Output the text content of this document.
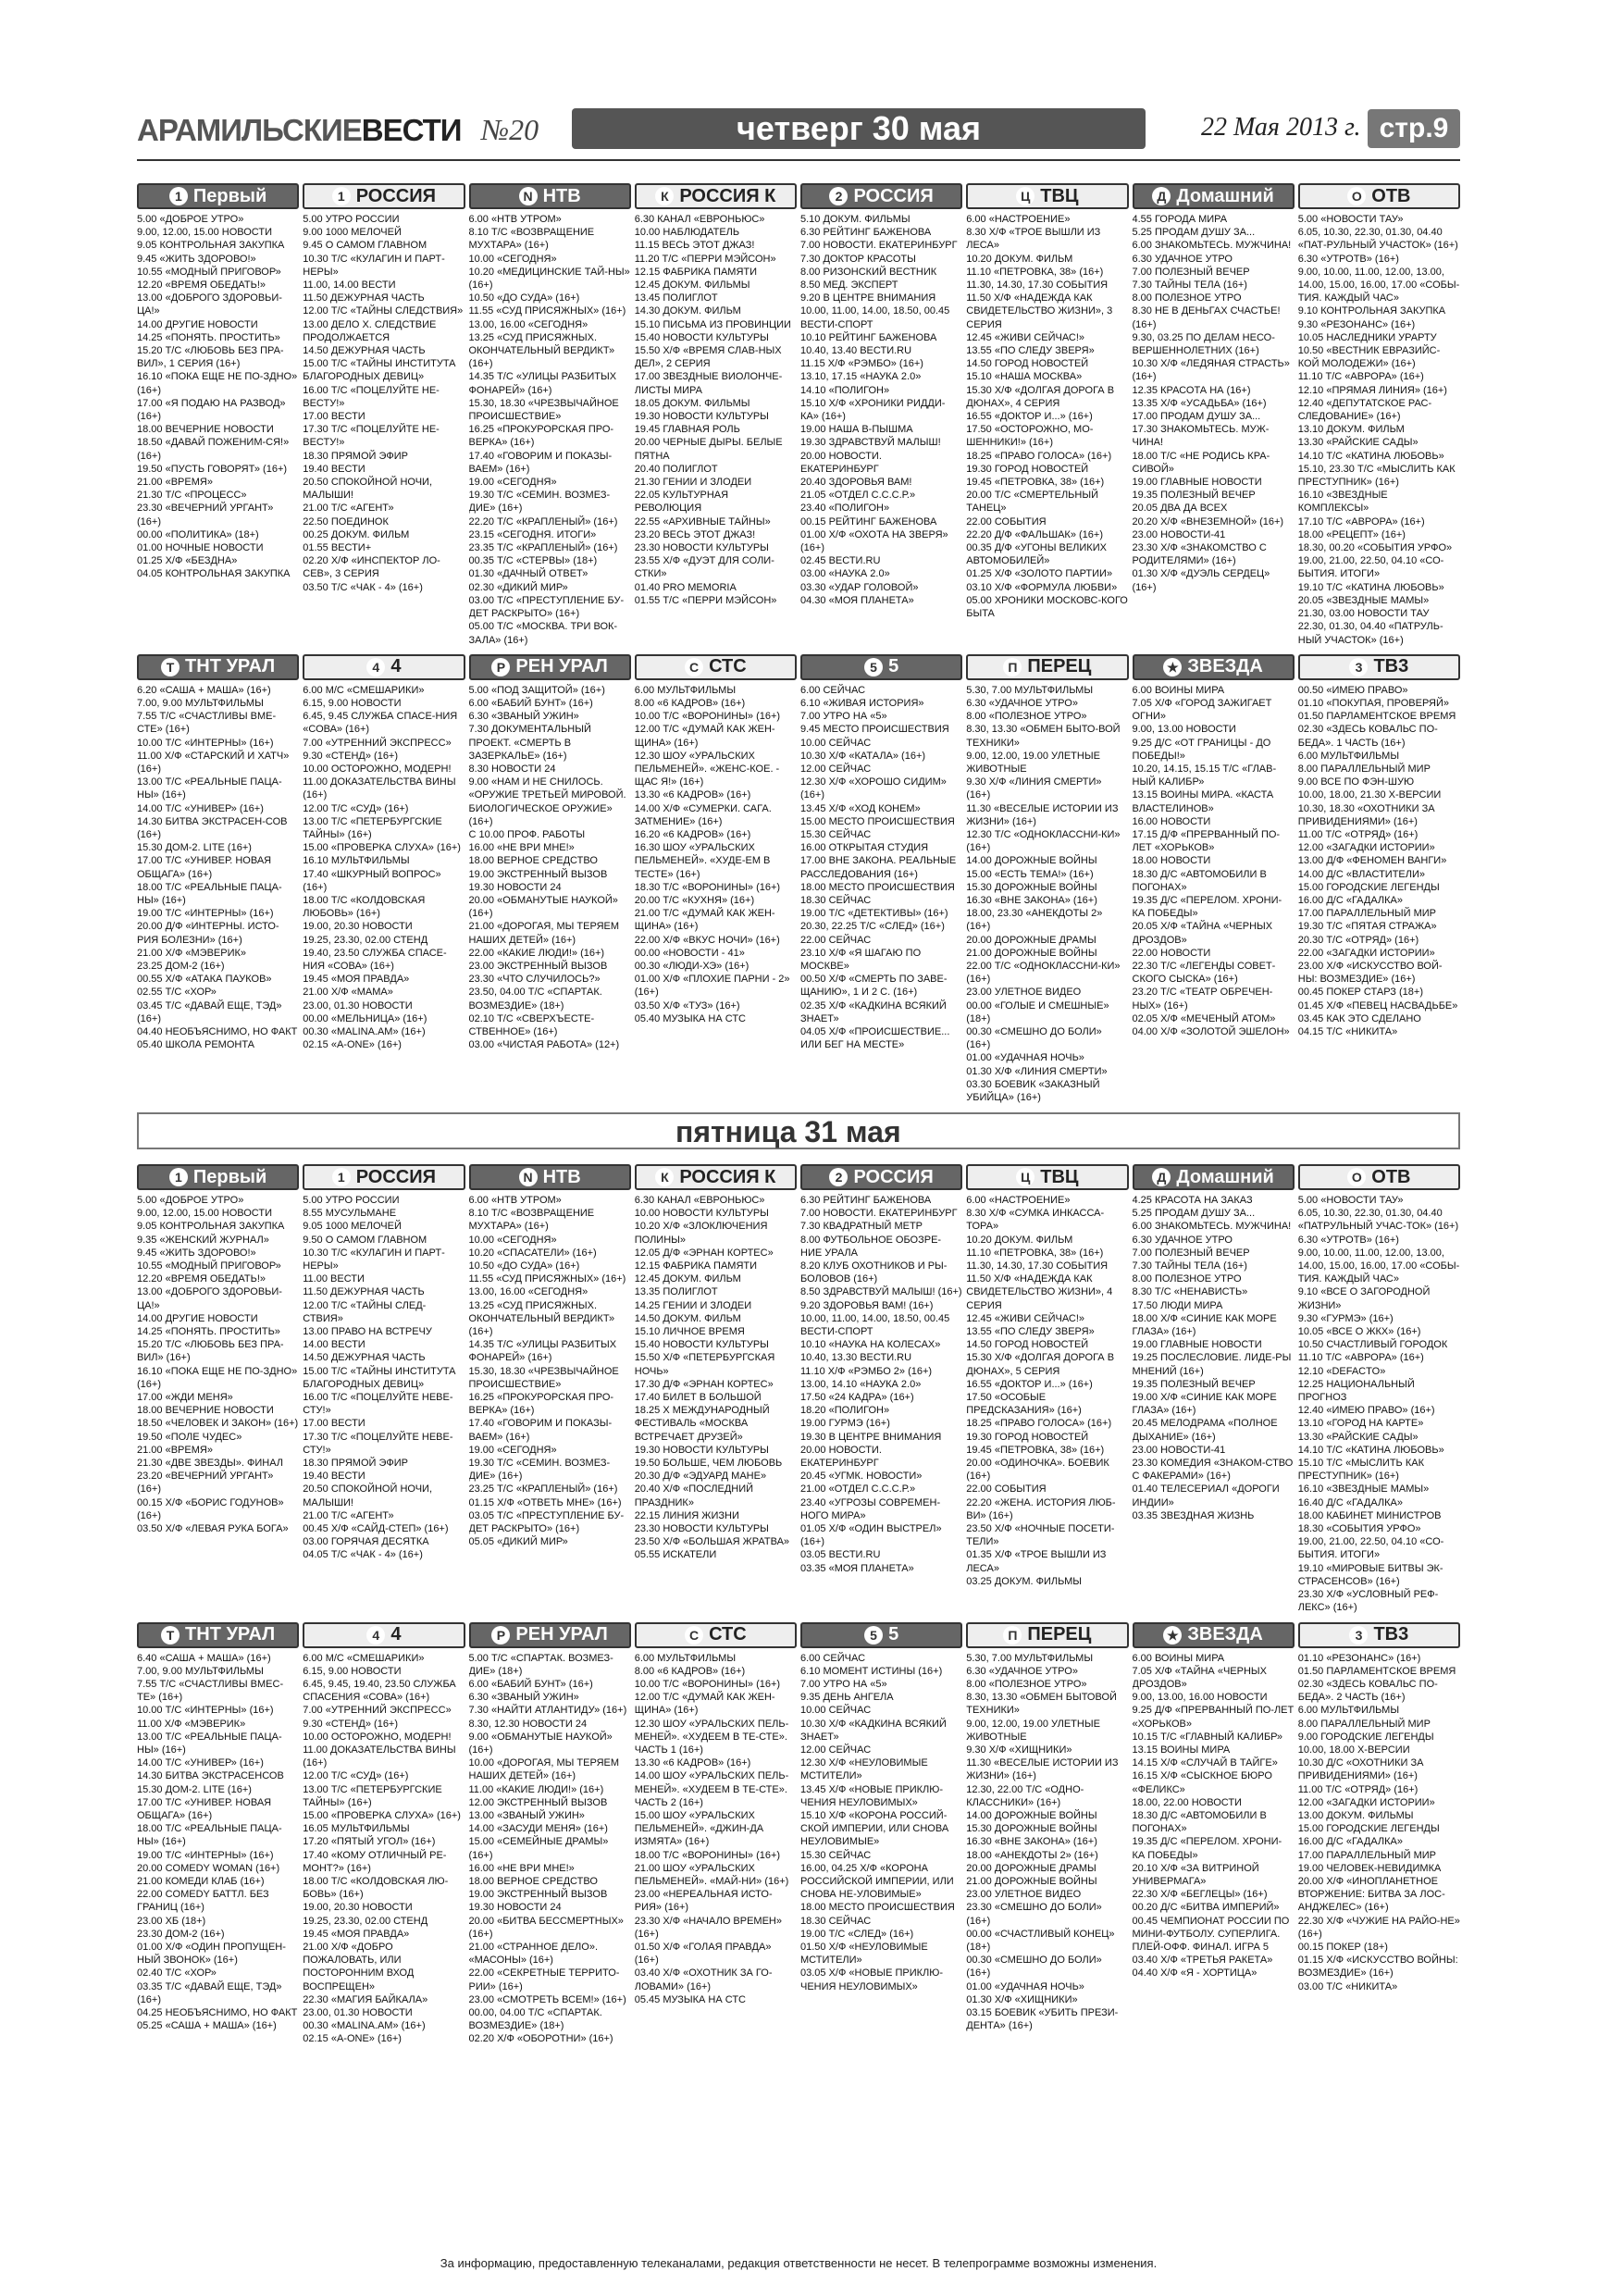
АРАМИЛЬСКИЕ ВЕСТИ №20	четверг 30 мая	22 Мая 2013 г. стр.9
1 Первый

5.00 «ДОБРОЕ УТРО»

9.00, 12.00, 15.00 НОВОСТИ

9.05 КОНТРОЛЬНАЯ ЗАКУПКА

9.45 «ЖИТЬ ЗДОРОВО!»

10.55 «МОДНЫЙ ПРИГОВОР»

12.20 «ВРЕМЯ ОБЕДАТЬ!»

13.00 «ДОБРОГО ЗДОРОВЬИ-ЦА!»

14.00 ДРУГИЕ НОВОСТИ

14.25 «ПОНЯТЬ. ПРОСТИТЬ»

15.20 Т/С «ЛЮБОВЬ БЕЗ ПРА-ВИЛ», 1 СЕРИЯ (16+)

16.10 «ПОКА ЕЩЕ НЕ ПО-ЗДНО» (16+)

17.00 «Я ПОДАЮ НА РАЗВОД» (16+)

18.00 ВЕЧЕРНИЕ НОВОСТИ

18.50 «ДАВАЙ ПОЖЕНИМ-СЯ!» (16+)

19.50 «ПУСТЬ ГОВОРЯТ» (16+)

21.00 «ВРЕМЯ»

21.30 Т/С «ПРОЦЕСС»

23.30 «ВЕЧЕРНИЙ УРГАНТ» (16+)

00.00 «ПОЛИТИКА» (18+)

01.00 НОЧНЫЕ НОВОСТИ

01.25 Х/Ф «БЕЗДНА»

04.05 КОНТРОЛЬНАЯ ЗАКУПКА

1 РОССИЯ

5.00 УТРО РОССИИ

9.00 1000 МЕЛОЧЕЙ

9.45 О САМОМ ГЛАВНОМ

10.30 Т/С «КУЛАГИН И ПАРТ-НЕРЫ»

11.00, 14.00 ВЕСТИ

11.50 ДЕЖУРНАЯ ЧАСТЬ

12.00 Т/С «ТАЙНЫ СЛЕДСТВИЯ»

13.00 ДЕЛО Х. СЛЕДСТВИЕ ПРОДОЛЖАЕТСЯ

14.50 ДЕЖУРНАЯ ЧАСТЬ

15.00 Т/С «ТАЙНЫ ИНСТИТУТА БЛАГОРОДНЫХ ДЕВИЦ»

16.00 Т/С «ПОЦЕЛУЙТЕ НЕ-ВЕСТУ!»

17.00 ВЕСТИ

17.30 Т/С «ПОЦЕЛУЙТЕ НЕ-ВЕСТУ!»

18.30 ПРЯМОЙ ЭФИР

19.40 ВЕСТИ

20.50 СПОКОЙНОЙ НОЧИ, МАЛЫШИ!

21.00 Т/С «АГЕНТ»

22.50 ПОЕДИНОК

00.25 ДОКУМ. ФИЛЬМ

01.55 ВЕСТИ+

02.20 Х/Ф «ИНСПЕКТОР ЛО-СЕВ», 3 СЕРИЯ

03.50 Т/С «ЧАК - 4» (16+)

N НТВ

6.00 «НТВ УТРОМ»

8.10 Т/С «ВОЗВРАЩЕНИЕ МУХТАРА» (16+)

10.00 «СЕГОДНЯ»

10.20 «МЕДИЦИНСКИЕ ТАЙ-НЫ» (16+)

10.50 «ДО СУДА» (16+)

11.55 «СУД ПРИСЯЖНЫХ» (16+)

13.00, 16.00 «СЕГОДНЯ»

13.25 «СУД ПРИСЯЖНЫХ. ОКОНЧАТЕЛЬНЫЙ ВЕРДИКТ» (16+)

14.35 Т/С «УЛИЦЫ РАЗБИТЫХ ФОНАРЕЙ» (16+)

15.30, 18.30 «ЧРЕЗВЫЧАЙНОЕ ПРОИСШЕСТВИЕ»

16.25 «ПРОКУРОРСКАЯ ПРО-ВЕРКА» (16+)

17.40 «ГОВОРИМ И ПОКАЗЫ-ВАЕМ» (16+)

19.00 «СЕГОДНЯ»

19.30 Т/С «СЕМИН. ВОЗМЕЗ-ДИЕ» (16+)

22.20 Т/С «КРАПЛЕНЫЙ» (16+)

23.15 «СЕГОДНЯ. ИТОГИ»

23.35 Т/С «КРАПЛЕНЫЙ» (16+)

00.35 Т/С «СТЕРВЫ» (18+)

01.30 «ДАЧНЫЙ ОТВЕТ»

02.30 «ДИКИЙ МИР»

03.00 Т/С «ПРЕСТУПЛЕНИЕ БУ-ДЕТ РАСКРЫТО» (16+)

05.00 Т/С «МОСКВА. ТРИ ВОК-ЗАЛА» (16+)

К РОССИЯ К

6.30 КАНАЛ «ЕВРОНЬЮС»

10.00 НАБЛЮДАТЕЛЬ

11.15 ВЕСЬ ЭТОТ ДЖАЗ!

11.20 Т/С «ПЕРРИ МЭЙСОН»

12.15 ФАБРИКА ПАМЯТИ

12.45 ДОКУМ. ФИЛЬМЫ

13.45 ПОЛИГЛОТ

14.30 ДОКУМ. ФИЛЬМ

15.10 ПИСЬМА ИЗ ПРОВИНЦИИ

15.40 НОВОСТИ КУЛЬТУРЫ

15.50 Х/Ф «ВРЕМЯ СЛАВ-НЫХ ДЕЛ», 2 СЕРИЯ

17.00 ЗВЕЗДНЫЕ ВИОЛОНЧЕ-ЛИСТЫ МИРА

18.05 ДОКУМ. ФИЛЬМЫ

19.30 НОВОСТИ КУЛЬТУРЫ

19.45 ГЛАВНАЯ РОЛЬ

20.00 ЧЕРНЫЕ ДЫРЫ. БЕЛЫЕ ПЯТНА

20.40 ПОЛИГЛОТ

21.30 ГЕНИИ И ЗЛОДЕИ

22.05 КУЛЬТУРНАЯ РЕВОЛЮЦИЯ

22.55 «АРХИВНЫЕ ТАЙНЫ»

23.20 ВЕСЬ ЭТОТ ДЖАЗ!

23.30 НОВОСТИ КУЛЬТУРЫ

23.55 Х/Ф «ДУЭТ ДЛЯ СОЛИ-СТКИ»

01.40 PRO MEMORIA

01.55 Т/С «ПЕРРИ МЭЙСОН»

2 РОССИЯ

5.10 ДОКУМ. ФИЛЬМЫ

6.30 РЕЙТИНГ БАЖЕНОВА

7.00 НОВОСТИ. ЕКАТЕРИНБУРГ

7.30 ДОКТОР КРАСОТЫ

8.00 РИЗОНСКИЙ ВЕСТНИК

8.50 МЕД. ЭКСПЕРТ

9.20 В ЦЕНТРЕ ВНИМАНИЯ

10.00, 11.00, 14.00, 18.50, 00.45 ВЕСТИ-СПОРТ

10.10 РЕЙТИНГ БАЖЕНОВА

10.40, 13.40 ВЕСТИ.RU

11.15 Х/Ф «РЭМБО» (16+)

13.10, 17.15 «НАУКА 2.0»

14.10 «ПОЛИГОН»

15.10 Х/Ф «ХРОНИКИ РИДДИ-КА» (16+)

19.00 НАША В-ПЫШМА

19.30 ЗДРАВСТВУЙ МАЛЫШ!

20.00 НОВОСТИ. ЕКАТЕРИНБУРГ

20.40 ЗДОРОВЬЯ ВАМ!

21.05 «ОТДЕЛ С.С.С.Р.»

23.40 «ПОЛИГОН»

00.15 РЕЙТИНГ БАЖЕНОВА

01.00 Х/Ф «ОХОТА НА ЗВЕРЯ» (16+)

02.45 ВЕСТИ.RU

03.00 «НАУКА 2.0»

03.30 «УДАР ГОЛОВОЙ»

04.30 «МОЯ ПЛАНЕТА»

Ц ТВЦ

6.00 «НАСТРОЕНИЕ»

8.30 Х/Ф «ТРОЕ ВЫШЛИ ИЗ ЛЕСА»

10.20 ДОКУМ. ФИЛЬМ

11.10 «ПЕТРОВКА, 38» (16+)

11.30, 14.30, 17.30 СОБЫТИЯ

11.50 Х/Ф «НАДЕЖДА КАК СВИДЕТЕЛЬСТВО ЖИЗНИ», 3 СЕРИЯ

12.45 «ЖИВИ СЕЙЧАС!»

13.55 «ПО СЛЕДУ ЗВЕРЯ»

14.50 ГОРОД НОВОСТЕЙ

15.10 «НАША МОСКВА»

15.30 Х/Ф «ДОЛГАЯ ДОРОГА В ДЮНАХ», 4 СЕРИЯ

16.55 «ДОКТОР И...» (16+)

17.50 «ОСТОРОЖНО, МО-ШЕННИКИ!» (16+)

18.25 «ПРАВО ГОЛОСА» (16+)

19.30 ГОРОД НОВОСТЕЙ

19.45 «ПЕТРОВКА, 38» (16+)

20.00 Т/С «СМЕРТЕЛЬНЫЙ ТАНЕЦ»

22.00 СОБЫТИЯ

22.20 Д/Ф «ФАЛЬШАК» (16+)

00.35 Д/Ф «УГОНЫ ВЕЛИКИХ АВТОМОБИЛЕЙ»

01.25 Х/Ф «ЗОЛОТО ПАРТИИ»

03.10 Х/Ф «ФОРМУЛА ЛЮБВИ»

05.00 ХРОНИКИ МОСКОВС-КОГО БЫТА

Д Домашний

4.55 ГОРОДА МИРА

5.25 ПРОДАМ ДУШУ ЗА...

6.00 ЗНАКОМЬТЕСЬ. МУЖЧИНА!

6.30 УДАЧНОЕ УТРО

7.00 ПОЛЕЗНЫЙ ВЕЧЕР

7.30 ТАЙНЫ ТЕЛА (16+)

8.00 ПОЛЕЗНОЕ УТРО

8.30 НЕ В ДЕНЬГАХ СЧАСТЬЕ! (16+)

9.30, 03.25 ПО ДЕЛАМ НЕСО-ВЕРШЕННОЛЕТНИХ (16+)

10.30 Х/Ф «ЛЕДЯНАЯ СТРАСТЬ» (16+)

12.35 КРАСОТА НА (16+)

13.35 Х/Ф «УСАДЬБА» (16+)

17.00 ПРОДАМ ДУШУ ЗА...

17.30 ЗНАКОМЬТЕСЬ. МУЖ-ЧИНА!

18.00 Т/С «НЕ РОДИСЬ КРА-СИВОЙ»

19.00 ГЛАВНЫЕ НОВОСТИ

19.35 ПОЛЕЗНЫЙ ВЕЧЕР

20.05 ДВА ДА ВСЕХ

20.20 Х/Ф «ВНЕЗЕМНОЙ» (16+)

23.00 НОВОСТИ-41

23.30 Х/Ф «ЗНАКОМСТВО С РОДИТЕЛЯМИ» (16+)

01.30 Х/Ф «ДУЭЛЬ СЕРДЕЦ» (16+)

О ОТВ

5.00 «НОВОСТИ ТАУ»

6.05, 10.30, 22.30, 01.30, 04.40 «ПАТ-РУЛЬНЫЙ УЧАСТОК» (16+)

6.30 «УТРОТВ» (16+)

9.00, 10.00, 11.00, 12.00, 13.00, 14.00, 15.00, 16.00, 17.00 «СОБЫ-ТИЯ. КАЖДЫЙ ЧАС»

9.10 КОНТРОЛЬНАЯ ЗАКУПКА

9.30 «РЕЗОНАНС» (16+)

10.05 НАСЛЕДНИКИ УРАРТУ

10.50 «ВЕСТНИК ЕВРАЗИЙС-КОЙ МОЛОДЕЖИ» (16+)

11.10 Т/С «АВРОРА» (16+)

12.10 «ПРЯМАЯ ЛИНИЯ» (16+)

12.40 «ДЕПУТАТСКОЕ РАС-СЛЕДОВАНИЕ» (16+)

13.10 ДОКУМ. ФИЛЬМ

13.30 «РАЙСКИЕ САДЫ»

14.10 Т/С «КАТИНА ЛЮБОВЬ»

15.10, 23.30 Т/С «МЫСЛИТЬ КАК ПРЕСТУПНИК» (16+)

16.10 «ЗВЕЗДНЫЕ КОМПЛЕКСЫ»

17.10 Т/С «АВРОРА» (16+)

18.00 «РЕЦЕПТ» (16+)

18.30, 00.20 «СОБЫТИЯ УРФО»

19.00, 21.00, 22.50, 04.10 «СО-БЫТИЯ. ИТОГИ»

19.10 Т/С «КАТИНА ЛЮБОВЬ»

20.05 «ЗВЕЗДНЫЕ МАМЫ»

21.30, 03.00 НОВОСТИ ТАУ

22.30, 01.30, 04.40 «ПАТРУЛЬ-НЫЙ УЧАСТОК» (16+)

Т ТНТ УРАЛ

6.20 «САША + МАША» (16+)

7.00, 9.00 МУЛЬТФИЛЬМЫ

7.55 Т/С «СЧАСТЛИВЫ ВМЕ-СТЕ» (16+)

10.00 Т/С «ИНТЕРНЫ» (16+)

11.00 Х/Ф «СТАРСКИЙ И ХАТЧ» (16+)

13.00 Т/С «РЕАЛЬНЫЕ ПАЦА-НЫ» (16+)

14.00 Т/С «УНИВЕР» (16+)

14.30 БИТВА ЭКСТРАСЕН-СОВ (16+)

15.30 ДОМ-2. LITE (16+)

17.00 Т/С «УНИВЕР. НОВАЯ ОБЩАГА» (16+)

18.00 Т/С «РЕАЛЬНЫЕ ПАЦА-НЫ» (16+)

19.00 Т/С «ИНТЕРНЫ» (16+)

20.00 Д/Ф «ИНТЕРНЫ. ИСТО-РИЯ БОЛЕЗНИ» (16+)

21.00 Х/Ф «МЭВЕРИК»

23.25 ДОМ-2 (16+)

00.55 Х/Ф «АТАКА ПАУКОВ»

02.55 Т/С «ХОР»

03.45 Т/С «ДАВАЙ ЕЩЕ, ТЭД» (16+)

04.40 НЕОБЪЯСНИМО, НО ФАКТ

05.40 ШКОЛА РЕМОНТА

4 4

6.00 М/С «СМЕШАРИКИ»

6.15, 9.00 НОВОСТИ

6.45, 9.45 СЛУЖБА СПАСЕ-НИЯ «СОВА» (16+)

7.00 «УТРЕННИЙ ЭКСПРЕСС»

9.30 «СТЕНД» (16+)

10.00 ОСТОРОЖНО, МОДЕРН!

11.00 ДОКАЗАТЕЛЬСТВА ВИНЫ (16+)

12.00 Т/С «СУД» (16+)

13.00 Т/С «ПЕТЕРБУРГСКИЕ ТАЙНЫ» (16+)

15.00 «ПРОВЕРКА СЛУХА» (16+)

16.10 МУЛЬТФИЛЬМЫ

17.40 «ШКУРНЫЙ ВОПРОС» (16+)

18.00 Т/С «КОЛДОВСКАЯ ЛЮБОВЬ» (16+)

19.00, 20.30 НОВОСТИ

19.25, 23.30, 02.00 СТЕНД

19.40, 23.50 СЛУЖБА СПАСЕ-НИЯ «СОВА» (16+)

19.45 «МОЯ ПРАВДА»

21.00 Х/Ф «МАМА»

23.00, 01.30 НОВОСТИ

00.00 «МЕЛЬНИЦА» (16+)

00.30 «MALINA.AM» (16+)

02.15 «A-ONE» (16+)

Р РЕН УРАЛ

5.00 «ПОД ЗАЩИТОЙ» (16+)

6.00 «БАБИЙ БУНТ» (16+)

6.30 «ЗВАНЫЙ УЖИН»

7.30 ДОКУМЕНТАЛЬНЫЙ ПРОЕКТ. «СМЕРТЬ В ЗАЗЕРКАЛЬЕ» (16+)

8.30 НОВОСТИ 24

9.00 «НАМ И НЕ СНИЛОСЬ. «ОРУЖИЕ ТРЕТЬЕЙ МИРОВОЙ. БИОЛОГИЧЕСКОЕ ОРУЖИЕ» (16+)

С 10.00 ПРОФ. РАБОТЫ

16.00 «НЕ ВРИ МНЕ!»

18.00 ВЕРНОЕ СРЕДСТВО

19.00 ЭКСТРЕННЫЙ ВЫЗОВ

19.30 НОВОСТИ 24

20.00 «ОБМАНУТЫЕ НАУКОЙ» (16+)

21.00 «ДОРОГАЯ, МЫ ТЕРЯЕМ НАШИХ ДЕТЕЙ» (16+)

22.00 «КАКИЕ ЛЮДИ!» (16+)

23.00 ЭКСТРЕННЫЙ ВЫЗОВ

23.30 «ЧТО СЛУЧИЛОСЬ?»

23.50, 04.00 Т/С «СПАРТАК. ВОЗМЕЗДИЕ» (18+)

02.10 Т/С «СВЕРХЪЕСТЕ-СТВЕННОЕ» (16+)

03.00 «ЧИСТАЯ РАБОТА» (12+)

С СТС

6.00 МУЛЬТФИЛЬМЫ

8.00 «6 КАДРОВ» (16+)

10.00 Т/С «ВОРОНИНЫ» (16+)

12.00 Т/С «ДУМАЙ КАК ЖЕН-ЩИНА» (16+)

12.30 ШОУ «УРАЛЬСКИХ ПЕЛЬМЕНЕЙ». «ЖЕНС-КОЕ. - ЩАС Я!» (16+)

13.30 «6 КАДРОВ» (16+)

14.00 Х/Ф «СУМЕРКИ. САГА. ЗАТМЕНИЕ» (16+)

16.20 «6 КАДРОВ» (16+)

16.30 ШОУ «УРАЛЬСКИХ ПЕЛЬМЕНЕЙ». «ХУДЕ-ЕМ В ТЕСТЕ» (16+)

18.30 Т/С «ВОРОНИНЫ» (16+)

20.00 Т/С «КУХНЯ» (16+)

21.00 Т/С «ДУМАЙ КАК ЖЕН-ЩИНА» (16+)

22.00 Х/Ф «ВКУС НОЧИ» (16+)

00.00 «НОВОСТИ - 41»

00.30 «ЛЮДИ-ХЭ» (16+)

01.00 Х/Ф «ПЛОХИЕ ПАРНИ - 2» (16+)

03.50 Х/Ф «ТУЗ» (16+)

05.40 МУЗЫКА НА СТС

5 5

6.00 СЕЙЧАС

6.10 «ЖИВАЯ ИСТОРИЯ»

7.00 УТРО НА «5»

9.45 МЕСТО ПРОИСШЕСТВИЯ

10.00 СЕЙЧАС

10.30 Х/Ф «КАТАЛА» (16+)

12.00 СЕЙЧАС

12.30 Х/Ф «ХОРОШО СИДИМ» (16+)

13.45 Х/Ф «ХОД КОНЕМ»

15.00 МЕСТО ПРОИСШЕСТВИЯ

15.30 СЕЙЧАС

16.00 ОТКРЫТАЯ СТУДИЯ

17.00 ВНЕ ЗАКОНА. РЕАЛЬНЫЕ РАССЛЕДОВАНИЯ (16+)

18.00 МЕСТО ПРОИСШЕСТВИЯ

18.30 СЕЙЧАС

19.00 Т/С «ДЕТЕКТИВЫ» (16+)

20.30, 22.25 Т/С «СЛЕД» (16+)

22.00 СЕЙЧАС

23.10 Х/Ф «Я ШАГАЮ ПО МОСКВЕ»

00.50 Х/Ф «СМЕРТЬ ПО ЗАВЕ-ЩАНИЮ», 1 И 2 С. (16+)

02.35 Х/Ф «КАДКИНА ВСЯКИЙ ЗНАЕТ»

04.05 Х/Ф «ПРОИСШЕСТВИЕ... ИЛИ БЕГ НА МЕСТЕ»

П ПЕРЕЦ

5.30, 7.00 МУЛЬТФИЛЬМЫ

6.30 «УДАЧНОЕ УТРО»

8.00 «ПОЛЕЗНОЕ УТРО»

8.30, 13.30 «ОБМЕН БЫТО-ВОЙ ТЕХНИКИ»

9.00, 12.00, 19.00 УЛЕТНЫЕ ЖИВОТНЫЕ

9.30 Х/Ф «ЛИНИЯ СМЕРТИ» (16+)

11.30 «ВЕСЕЛЫЕ ИСТОРИИ ИЗ ЖИЗНИ» (16+)

12.30 Т/С «ОДНОКЛАССНИ-КИ» (16+)

14.00 ДОРОЖНЫЕ ВОЙНЫ

15.00 «ЕСТЬ ТЕМА!» (16+)

15.30 ДОРОЖНЫЕ ВОЙНЫ

16.30 «ВНЕ ЗАКОНА» (16+)

18.00, 23.30 «АНЕКДОТЫ 2» (16+)

20.00 ДОРОЖНЫЕ ДРАМЫ

21.00 ДОРОЖНЫЕ ВОЙНЫ

22.00 Т/С «ОДНОКЛАССНИ-КИ» (16+)

23.00 УЛЕТНОЕ ВИДЕО

00.00 «ГОЛЫЕ И СМЕШНЫЕ» (18+)

00.30 «СМЕШНО ДО БОЛИ» (16+)

01.00 «УДАЧНАЯ НОЧЬ»

01.30 Х/Ф «ЛИНИЯ СМЕРТИ»

03.30 БОЕВИК «ЗАКАЗНЫЙ УБИЙЦА» (16+)

★ ЗВЕЗДА

6.00 ВОИНЫ МИРА

7.05 Х/Ф «ГОРОД ЗАЖИГАЕТ ОГНИ»

9.00, 13.00 НОВОСТИ

9.25 Д/С «ОТ ГРАНИЦЫ - ДО ПОБЕДЫ!»

10.20, 14.15, 15.15 Т/С «ГЛАВ-НЫЙ КАЛИБР»

13.15 ВОИНЫ МИРА. «КАСТА ВЛАСТЕЛИНОВ»

16.00 НОВОСТИ

17.15 Д/Ф «ПРЕРВАННЫЙ ПО-ЛЕТ «ХОРЬКОВ»

18.00 НОВОСТИ

18.30 Д/С «АВТОМОБИЛИ В ПОГОНАХ»

19.35 Д/С «ПЕРЕЛОМ. ХРОНИ-КА ПОБЕДЫ»

20.05 Х/Ф «ТАЙНА «ЧЕРНЫХ ДРОЗДОВ»

22.00 НОВОСТИ

22.30 Т/С «ЛЕГЕНДЫ СОВЕТ-СКОГО СЫСКА» (16+)

23.20 Т/С «ТЕАТР ОБРЕЧЕН-НЫХ» (16+)

02.05 Х/Ф «МЕЧЕНЫЙ АТОМ»

04.00 Х/Ф «ЗОЛОТОЙ ЭШЕЛОН»

3 ТВ3

00.50 «ИМЕЮ ПРАВО»

01.10 «ПОКУПАЯ, ПРОВЕРЯЙ»

01.50 ПАРЛАМЕНТСКОЕ ВРЕМЯ

02.30 «ЗДЕСЬ КОВАЛЬС ПО-БЕДА». 1 ЧАСТЬ (16+)

6.00 МУЛЬТФИЛЬМЫ

8.00 ПАРАЛЛЕЛЬНЫЙ МИР

9.00 ВСЕ ПО ФЭН-ШУЮ

10.00, 18.00, 21.30 Х-ВЕРСИИ

10.30, 18.30 «ОХОТНИКИ ЗА ПРИВИДЕНИЯМИ» (16+)

11.00 Т/С «ОТРЯД» (16+)

12.00 «ЗАГАДКИ ИСТОРИИ»

13.00 Д/Ф «ФЕНОМЕН ВАНГИ»

14.00 Д/С «ВЛАСТИТЕЛИ»

15.00 ГОРОДСКИЕ ЛЕГЕНДЫ

16.00 Д/С «ГАДАЛКА»

17.00 ПАРАЛЛЕЛЬНЫЙ МИР

19.30 Т/С «ПЯТАЯ СТРАЖА»

20.30 Т/С «ОТРЯД» (16+)

22.00 «ЗАГАДКИ ИСТОРИИ»

23.00 Х/Ф «ИСКУССТВО ВОЙ-НЫ: ВОЗМЕЗДИЕ» (16+)

00.45 ПОКЕР СТАРЗ (18+)

01.45 Х/Ф «ПЕВЕЦ НАСВАДЬБЕ»

03.45 КАК ЭТО СДЕЛАНО

04.15 Т/С «НИКИТА»

пятница 31 мая
1 Первый

5.00 «ДОБРОЕ УТРО»

9.00, 12.00, 15.00 НОВОСТИ

9.05 КОНТРОЛЬНАЯ ЗАКУПКА

9.35 «ЖЕНСКИЙ ЖУРНАЛ»

9.45 «ЖИТЬ ЗДОРОВО!»

10.55 «МОДНЫЙ ПРИГОВОР»

12.20 «ВРЕМЯ ОБЕДАТЬ!»

13.00 «ДОБРОГО ЗДОРОВЬИ-ЦА!»

14.00 ДРУГИЕ НОВОСТИ

14.25 «ПОНЯТЬ. ПРОСТИТЬ»

15.20 Т/С «ЛЮБОВЬ БЕЗ ПРА-ВИЛ» (16+)

16.10 «ПОКА ЕЩЕ НЕ ПО-ЗДНО» (16+)

17.00 «ЖДИ МЕНЯ»

18.00 ВЕЧЕРНИЕ НОВОСТИ

18.50 «ЧЕЛОВЕК И ЗАКОН» (16+)

19.50 «ПОЛЕ ЧУДЕС»

21.00 «ВРЕМЯ»

21.30 «ДВЕ ЗВЕЗДЫ». ФИНАЛ

23.20 «ВЕЧЕРНИЙ УРГАНТ» (16+)

00.15 Х/Ф «БОРИС ГОДУНОВ» (16+)

03.50 Х/Ф «ЛЕВАЯ РУКА БОГА»

1 РОССИЯ

5.00 УТРО РОССИИ

8.55 МУСУЛЬМАНЕ

9.05 1000 МЕЛОЧЕЙ

9.50 О САМОМ ГЛАВНОМ

10.30 Т/С «КУЛАГИН И ПАРТ-НЕРЫ»

11.00 ВЕСТИ

11.50 ДЕЖУРНАЯ ЧАСТЬ

12.00 Т/С «ТАЙНЫ СЛЕД-СТВИЯ»

13.00 ПРАВО НА ВСТРЕЧУ

14.00 ВЕСТИ

14.50 ДЕЖУРНАЯ ЧАСТЬ

15.00 Т/С «ТАЙНЫ ИНСТИТУТА БЛАГОРОДНЫХ ДЕВИЦ»

16.00 Т/С «ПОЦЕЛУЙТЕ НЕВЕ-СТУ!»

17.00 ВЕСТИ

17.30 Т/С «ПОЦЕЛУЙТЕ НЕВЕ-СТУ!»

18.30 ПРЯМОЙ ЭФИР

19.40 ВЕСТИ

20.50 СПОКОЙНОЙ НОЧИ, МАЛЫШИ!

21.00 Т/С «АГЕНТ»

00.45 Х/Ф «САЙД-СТЕП» (16+)

03.00 ГОРЯЧАЯ ДЕСЯТКА

04.05 Т/С «ЧАК - 4» (16+)

N НТВ

6.00 «НТВ УТРОМ»

8.10 Т/С «ВОЗВРАЩЕНИЕ МУХТАРА» (16+)

10.00 «СЕГОДНЯ»

10.20 «СПАСАТЕЛИ» (16+)

10.50 «ДО СУДА» (16+)

11.55 «СУД ПРИСЯЖНЫХ» (16+)

13.00, 16.00 «СЕГОДНЯ»

13.25 «СУД ПРИСЯЖНЫХ. ОКОНЧАТЕЛЬНЫЙ ВЕРДИКТ» (16+)

14.35 Т/С «УЛИЦЫ РАЗБИТЫХ ФОНАРЕЙ» (16+)

15.30, 18.30 «ЧРЕЗВЫЧАЙНОЕ ПРОИСШЕСТВИЕ»

16.25 «ПРОКУРОРСКАЯ ПРО-ВЕРКА» (16+)

17.40 «ГОВОРИМ И ПОКАЗЫ-ВАЕМ» (16+)

19.00 «СЕГОДНЯ»

19.30 Т/С «СЕМИН. ВОЗМЕЗ-ДИЕ» (16+)

23.25 Т/С «КРАПЛЕНЫЙ» (16+)

01.15 Х/Ф «ОТВЕТЬ МНЕ» (16+)

03.05 Т/С «ПРЕСТУПЛЕНИЕ БУ-ДЕТ РАСКРЫТО» (16+)

05.05 «ДИКИЙ МИР»

К РОССИЯ К

6.30 КАНАЛ «ЕВРОНЬЮС»

10.00 НОВОСТИ КУЛЬТУРЫ

10.20 Х/Ф «ЗЛОКЛЮЧЕНИЯ ПОЛИНЫ»

12.05 Д/Ф «ЭРНАН КОРТЕС»

12.15 ФАБРИКА ПАМЯТИ

12.45 ДОКУМ. ФИЛЬМ

13.35 ПОЛИГЛОТ

14.25 ГЕНИИ И ЗЛОДЕИ

14.50 ДОКУМ. ФИЛЬМ

15.10 ЛИЧНОЕ ВРЕМЯ

15.40 НОВОСТИ КУЛЬТУРЫ

15.50 Х/Ф «ПЕТЕРБУРГСКАЯ НОЧЬ»

17.30 Д/Ф «ЭРНАН КОРТЕС»

17.40 БИЛЕТ В БОЛЬШОЙ

18.25 Х МЕЖДУНАРОДНЫЙ ФЕСТИВАЛЬ «МОСКВА ВСТРЕЧАЕТ ДРУЗЕЙ»

19.30 НОВОСТИ КУЛЬТУРЫ

19.50 БОЛЬШЕ, ЧЕМ ЛЮБОВЬ

20.30 Д/Ф «ЭДУАРД МАНЕ»

20.40 Х/Ф «ПОСЛЕДНИЙ ПРАЗДНИК»

22.15 ЛИНИЯ ЖИЗНИ

23.30 НОВОСТИ КУЛЬТУРЫ

23.50 Х/Ф «БОЛЬШАЯ ЖРАТВА»

05.55 ИСКАТЕЛИ

2 РОССИЯ

6.30 РЕЙТИНГ БАЖЕНОВА

7.00 НОВОСТИ. ЕКАТЕРИНБУРГ

7.30 КВАДРАТНЫЙ МЕТР

8.00 ФУТБОЛЬНОЕ ОБОЗРЕ-НИЕ УРАЛА

8.20 КЛУБ ОХОТНИКОВ И РЫ-БОЛОВОВ (16+)

8.50 ЗДРАВСТВУЙ МАЛЫШ! (16+)

9.20 ЗДОРОВЬЯ ВАМ! (16+)

10.00, 11.00, 14.00, 18.50, 00.45 ВЕСТИ-СПОРТ

10.10 «НАУКА НА КОЛЕСАХ»

10.40, 13.30 ВЕСТИ.RU

11.10 Х/Ф «РЭМБО 2» (16+)

13.00, 14.10 «НАУКА 2.0»

17.50 «24 КАДРА» (16+)

18.20 «ПОЛИГОН»

19.00 ГУРМЭ (16+)

19.30 В ЦЕНТРЕ ВНИМАНИЯ

20.00 НОВОСТИ. ЕКАТЕРИНБУРГ

20.45 «УГМК. НОВОСТИ»

21.00 «ОТДЕЛ С.С.С.Р.»

23.40 «УГРОЗЫ СОВРЕМЕН-НОГО МИРА»

01.05 Х/Ф «ОДИН ВЫСТРЕЛ» (16+)

03.05 ВЕСТИ.RU

03.35 «МОЯ ПЛАНЕТА»

Ц ТВЦ

6.00 «НАСТРОЕНИЕ»

8.30 Х/Ф «СУМКА ИНКАССА-ТОРА»

10.20 ДОКУМ. ФИЛЬМ

11.10 «ПЕТРОВКА, 38» (16+)

11.30, 14.30, 17.30 СОБЫТИЯ

11.50 Х/Ф «НАДЕЖДА КАК СВИДЕТЕЛЬСТВО ЖИЗНИ», 4 СЕРИЯ

12.45 «ЖИВИ СЕЙЧАС!»

13.55 «ПО СЛЕДУ ЗВЕРЯ»

14.50 ГОРОД НОВОСТЕЙ

15.30 Х/Ф «ДОЛГАЯ ДОРОГА В ДЮНАХ», 5 СЕРИЯ

16.55 «ДОКТОР И...» (16+)

17.50 «ОСОБЫЕ ПРЕДСКАЗАНИЯ» (16+)

18.25 «ПРАВО ГОЛОСА» (16+)

19.30 ГОРОД НОВОСТЕЙ

19.45 «ПЕТРОВКА, 38» (16+)

20.00 «ОДИНОЧКА». БОЕВИК (16+)

22.00 СОБЫТИЯ

22.20 «ЖЕНА. ИСТОРИЯ ЛЮБ-ВИ» (16+)

23.50 Х/Ф «НОЧНЫЕ ПОСЕТИ-ТЕЛИ»

01.35 Х/Ф «ТРОЕ ВЫШЛИ ИЗ ЛЕСА»

03.25 ДОКУМ. ФИЛЬМЫ

Д Домашний

4.25 КРАСОТА НА ЗАКАЗ

5.25 ПРОДАМ ДУШУ ЗА...

6.00 ЗНАКОМЬТЕСЬ. МУЖЧИНА!

6.30 УДАЧНОЕ УТРО

7.00 ПОЛЕЗНЫЙ ВЕЧЕР

7.30 ТАЙНЫ ТЕЛА (16+)

8.00 ПОЛЕЗНОЕ УТРО

8.30 Т/С «НЕНАВИСТЬ»

17.50 ЛЮДИ МИРА

18.00 Х/Ф «СИНИЕ КАК МОРЕ ГЛАЗА» (16+)

19.00 ГЛАВНЫЕ НОВОСТИ

19.25 ПОСЛЕСЛОВИЕ. ЛИДЕ-РЫ МНЕНИЙ (16+)

19.35 ПОЛЕЗНЫЙ ВЕЧЕР

19.00 Х/Ф «СИНИЕ КАК МОРЕ ГЛАЗА» (16+)

20.45 МЕЛОДРАМА «ПОЛНОЕ ДЫХАНИЕ» (16+)

23.00 НОВОСТИ-41

23.30 КОМЕДИЯ «ЗНАКОМ-СТВО С ФАКЕРАМИ» (16+)

01.40 ТЕЛЕСЕРИАЛ «ДОРОГИ ИНДИИ»

03.35 ЗВЕЗДНАЯ ЖИЗНЬ

О ОТВ

5.00 «НОВОСТИ ТАУ»

6.05, 10.30, 22.30, 01.30, 04.40 «ПАТРУЛЬНЫЙ УЧАС-ТОК» (16+)

6.30 «УТРОТВ» (16+)

9.00, 10.00, 11.00, 12.00, 13.00, 14.00, 15.00, 16.00, 17.00 «СОБЫ-ТИЯ. КАЖДЫЙ ЧАС»

9.10 «ВСЕ О ЗАГОРОДНОЙ ЖИЗНИ»

9.30 «ГУРМЭ» (16+)

10.05 «ВСЕ О ЖКХ» (16+)

10.50 СЧАСТЛИВЫЙ ГОРОДОК

11.10 Т/С «АВРОРА» (16+)

12.10 «DEFACTO»

12.25 НАЦИОНАЛЬНЫЙ ПРОГНОЗ

12.40 «ИМЕЮ ПРАВО» (16+)

13.10 «ГОРОД НА КАРТЕ»

13.30 «РАЙСКИЕ САДЫ»

14.10 Т/С «КАТИНА ЛЮБОВЬ»

15.10 Т/С «МЫСЛИТЬ КАК ПРЕСТУПНИК» (16+)

16.10 «ЗВЕЗДНЫЕ МАМЫ»

16.40 Д/С «ГАДАЛКА»

18.00 КАБИНЕТ МИНИСТРОВ

18.30 «СОБЫТИЯ УРФО»

19.00, 21.00, 22.50, 04.10 «СО-БЫТИЯ. ИТОГИ»

19.10 «МИРОВЫЕ БИТВЫ ЭК-СТРАСЕНСОВ» (16+)

23.30 Х/Ф «УСЛОВНЫЙ РЕФ-ЛЕКС» (16+)

Т ТНТ УРАЛ

6.40 «САША + МАША» (16+)

7.00, 9.00 МУЛЬТФИЛЬМЫ

7.55 Т/С «СЧАСТЛИВЫ ВМЕС-ТЕ» (16+)

10.00 Т/С «ИНТЕРНЫ» (16+)

11.00 Х/Ф «МЭВЕРИК»

13.00 Т/С «РЕАЛЬНЫЕ ПАЦА-НЫ» (16+)

14.00 Т/С «УНИВЕР» (16+)

14.30 БИТВА ЭКСТРАСЕНСОВ

15.30 ДОМ-2. LITE (16+)

17.00 Т/С «УНИВЕР. НОВАЯ ОБЩАГА» (16+)

18.00 Т/С «РЕАЛЬНЫЕ ПАЦА-НЫ» (16+)

19.00 Т/С «ИНТЕРНЫ» (16+)

20.00 COMEDY WOMAN (16+)

21.00 КОМЕДИ КЛАБ (16+)

22.00 COMEDY БАТТЛ. БЕЗ ГРАНИЦ (16+)

23.00 ХБ (18+)

23.30 ДОМ-2 (16+)

01.00 Х/Ф «ОДИН ПРОПУЩЕН-НЫЙ ЗВОНОК» (16+)

02.40 Т/С «ХОР»

03.35 Т/С «ДАВАЙ ЕЩЕ, ТЭД» (16+)

04.25 НЕОБЪЯСНИМО, НО ФАКТ

05.25 «САША + МАША» (16+)

4 4

6.00 М/С «СМЕШАРИКИ»

6.15, 9.00 НОВОСТИ

6.45, 9.45, 19.40, 23.50 СЛУЖБА СПАСЕНИЯ «СОВА» (16+)

7.00 «УТРЕННИЙ ЭКСПРЕСС»

9.30 «СТЕНД» (16+)

10.00 ОСТОРОЖНО, МОДЕРН!

11.00 ДОКАЗАТЕЛЬСТВА ВИНЫ (16+)

12.00 Т/С «СУД» (16+)

13.00 Т/С «ПЕТЕРБУРГСКИЕ ТАЙНЫ» (16+)

15.00 «ПРОВЕРКА СЛУХА» (16+)

16.05 МУЛЬТФИЛЬМЫ

17.20 «ПЯТЫЙ УГОЛ» (16+)

17.40 «КОМУ ОТЛИЧНЫЙ РЕ-МОНТ?» (16+)

18.00 Т/С «КОЛДОВСКАЯ ЛЮ-БОВЬ» (16+)

19.00, 20.30 НОВОСТИ

19.25, 23.30, 02.00 СТЕНД

19.45 «МОЯ ПРАВДА»

21.00 Х/Ф «ДОБРО ПОЖАЛОВАТЬ, ИЛИ ПОСТОРОННИМ ВХОД ВОСПРЕЩЕН»

22.30 «МАГИЯ БАЙКАЛА»

23.00, 01.30 НОВОСТИ

00.30 «MALINA.AM» (16+)

02.15 «A-ONE» (16+)

Р РЕН УРАЛ

5.00 Т/С «СПАРТАК. ВОЗМЕЗ-ДИЕ» (18+)

6.00 «БАБИЙ БУНТ» (16+)

6.30 «ЗВАНЫЙ УЖИН»

7.30 «НАЙТИ АТЛАНТИДУ» (16+)

8.30, 12.30 НОВОСТИ 24

9.00 «ОБМАНУТЫЕ НАУКОЙ» (16+)

10.00 «ДОРОГАЯ, МЫ ТЕРЯЕМ НАШИХ ДЕТЕЙ» (16+)

11.00 «КАКИЕ ЛЮДИ!» (16+)

12.00 ЭКСТРЕННЫЙ ВЫЗОВ

13.00 «ЗВАНЫЙ УЖИН»

14.00 «ЗАСУДИ МЕНЯ» (16+)

15.00 «СЕМЕЙНЫЕ ДРАМЫ» (16+)

16.00 «НЕ ВРИ МНЕ!»

18.00 ВЕРНОЕ СРЕДСТВО

19.00 ЭКСТРЕННЫЙ ВЫЗОВ

19.30 НОВОСТИ 24

20.00 «БИТВА БЕССМЕРТНЫХ» (16+)

21.00 «СТРАННОЕ ДЕЛО». «МАСОНЫ» (16+)

22.00 «СЕКРЕТНЫЕ ТЕРРИТО-РИИ» (16+)

23.00 «СМОТРЕТЬ ВСЕМ!» (16+)

00.00, 04.00 Т/С «СПАРТАК. ВОЗМЕЗДИЕ» (18+)

02.20 Х/Ф «ОБОРОТНИ» (16+)

С СТС

6.00 МУЛЬТФИЛЬМЫ

8.00 «6 КАДРОВ» (16+)

10.00 Т/С «ВОРОНИНЫ» (16+)

12.00 Т/С «ДУМАЙ КАК ЖЕН-ЩИНА» (16+)

12.30 ШОУ «УРАЛЬСКИХ ПЕЛЬ-МЕНЕЙ». «ХУДЕЕМ В ТЕ-СТЕ». ЧАСТЬ 1 (16+)

13.30 «6 КАДРОВ» (16+)

14.00 ШОУ «УРАЛЬСКИХ ПЕЛЬ-МЕНЕЙ». «ХУДЕЕМ В ТЕ-СТЕ». ЧАСТЬ 2 (16+)

15.00 ШОУ «УРАЛЬСКИХ ПЕЛЬМЕНЕЙ». «ДЖИН-ДА ИЗМЯТА» (16+)

18.00 Т/С «ВОРОНИНЫ» (16+)

21.00 ШОУ «УРАЛЬСКИХ ПЕЛЬМЕНЕЙ». «МАЙ-НИ» (16+)

23.00 «НЕРЕАЛЬНАЯ ИСТО-РИЯ» (16+)

23.30 Х/Ф «НАЧАЛО ВРЕМЕН» (16+)

01.50 Х/Ф «ГОЛАЯ ПРАВДА» (16+)

03.40 Х/Ф «ОХОТНИК ЗА ГО-ЛОВАМИ» (16+)

05.45 МУЗЫКА НА СТС

5 5

6.00 СЕЙЧАС

6.10 МОМЕНТ ИСТИНЫ (16+)

7.00 УТРО НА «5»

9.35 ДЕНЬ АНГЕЛА

10.00 СЕЙЧАС

10.30 Х/Ф «КАДКИНА ВСЯКИЙ ЗНАЕТ»

12.00 СЕЙЧАС

12.30 Х/Ф «НЕУЛОВИМЫЕ МСТИТЕЛИ»

13.45 Х/Ф «НОВЫЕ ПРИКЛЮ-ЧЕНИЯ НЕУЛОВИМЫХ»

15.10 Х/Ф «КОРОНА РОССИЙ-СКОЙ ИМПЕРИИ, ИЛИ СНОВА НЕУЛОВИМЫЕ»

15.30 СЕЙЧАС

16.00, 04.25 Х/Ф «КОРОНА РОССИЙСКОЙ ИМПЕРИИ, ИЛИ СНОВА НЕ-УЛОВИМЫЕ»

18.00 МЕСТО ПРОИСШЕСТВИЯ

18.30 СЕЙЧАС

19.00 Т/С «СЛЕД» (16+)

01.50 Х/Ф «НЕУЛОВИМЫЕ МСТИТЕЛИ»

03.05 Х/Ф «НОВЫЕ ПРИКЛЮ-ЧЕНИЯ НЕУЛОВИМЫХ»

П ПЕРЕЦ

5.30, 7.00 МУЛЬТФИЛЬМЫ

6.30 «УДАЧНОЕ УТРО»

8.00 «ПОЛЕЗНОЕ УТРО»

8.30, 13.30 «ОБМЕН БЫТОВОЙ ТЕХНИКИ»

9.00, 12.00, 19.00 УЛЕТНЫЕ ЖИВОТНЫЕ

9.30 Х/Ф «ХИЩНИКИ»

11.30 «ВЕСЕЛЫЕ ИСТОРИИ ИЗ ЖИЗНИ» (16+)

12.30, 22.00 Т/С «ОДНО-КЛАССНИКИ» (16+)

14.00 ДОРОЖНЫЕ ВОЙНЫ

15.30 ДОРОЖНЫЕ ВОЙНЫ

16.30 «ВНЕ ЗАКОНА» (16+)

18.00 «АНЕКДОТЫ 2» (16+)

20.00 ДОРОЖНЫЕ ДРАМЫ

21.00 ДОРОЖНЫЕ ВОЙНЫ

23.00 УЛЕТНОЕ ВИДЕО

23.30 «СМЕШНО ДО БОЛИ» (16+)

00.00 «СЧАСТЛИВЫЙ КОНЕЦ» (18+)

00.30 «СМЕШНО ДО БОЛИ» (16+)

01.00 «УДАЧНАЯ НОЧЬ»

01.30 Х/Ф «ХИЩНИКИ»

03.15 БОЕВИК «УБИТЬ ПРЕЗИ-ДЕНТА» (16+)

★ ЗВЕЗДА

6.00 ВОИНЫ МИРА

7.05 Х/Ф «ТАЙНА «ЧЕРНЫХ ДРОЗДОВ»

9.00, 13.00, 16.00 НОВОСТИ

9.25 Д/Ф «ПРЕРВАННЫЙ ПО-ЛЕТ «ХОРЬКОВ»

10.15 Т/С «ГЛАВНЫЙ КАЛИБР»

13.15 ВОИНЫ МИРА

14.15 Х/Ф «СЛУЧАЙ В ТАЙГЕ»

16.15 Х/Ф «СЫСКНОЕ БЮРО «ФЕЛИКС»

18.00, 22.00 НОВОСТИ

18.30 Д/С «АВТОМОБИЛИ В ПОГОНАХ»

19.35 Д/С «ПЕРЕЛОМ. ХРОНИ-КА ПОБЕДЫ»

20.10 Х/Ф «ЗА ВИТРИНОЙ УНИВЕРМАГА»

22.30 Х/Ф «БЕГЛЕЦЫ» (16+)

00.20 Д/С «БИТВА ИМПЕРИЙ»

00.45 ЧЕМПИОНАТ РОССИИ ПО МИНИ-ФУТБОЛУ. СУПЕРЛИГА. ПЛЕЙ-ОФФ. ФИНАЛ. ИГРА 5

03.40 Х/Ф «ТРЕТЬЯ РАКЕТА»

04.40 Х/Ф «Я - ХОРТИЦА»

3 ТВ3

01.10 «РЕЗОНАНС» (16+)

01.50 ПАРЛАМЕНТСКОЕ ВРЕМЯ

02.30 «ЗДЕСЬ КОВАЛЬС ПО-БЕДА». 2 ЧАСТЬ (16+)

6.00 МУЛЬТФИЛЬМЫ

8.00 ПАРАЛЛЕЛЬНЫЙ МИР

9.00 ГОРОДСКИЕ ЛЕГЕНДЫ

10.00, 18.00 Х-ВЕРСИИ

10.30 Д/С «ОХОТНИКИ ЗА ПРИВИДЕНИЯМИ» (16+)

11.00 Т/С «ОТРЯД» (16+)

12.00 «ЗАГАДКИ ИСТОРИИ»

13.00 ДОКУМ. ФИЛЬМЫ

15.00 ГОРОДСКИЕ ЛЕГЕНДЫ

16.00 Д/С «ГАДАЛКА»

17.00 ПАРАЛЛЕЛЬНЫЙ МИР

19.00 ЧЕЛОВЕК-НЕВИДИМКА

20.00 Х/Ф «ИНОПЛАНЕТНОЕ ВТОРЖЕНИЕ: БИТВА ЗА ЛОС-АНДЖЕЛЕС» (16+)

22.30 Х/Ф «ЧУЖИЕ НА РАЙО-НЕ» (16+)

00.15 ПОКЕР (18+)

01.15 Х/Ф «ИСКУССТВО ВОЙНЫ: ВОЗМЕЗДИЕ» (16+)

03.00 Т/С «НИКИТА»

За информацию, предоставленную телеканалами, редакция ответственности не несет. В телепрограмме возможны изменения.
